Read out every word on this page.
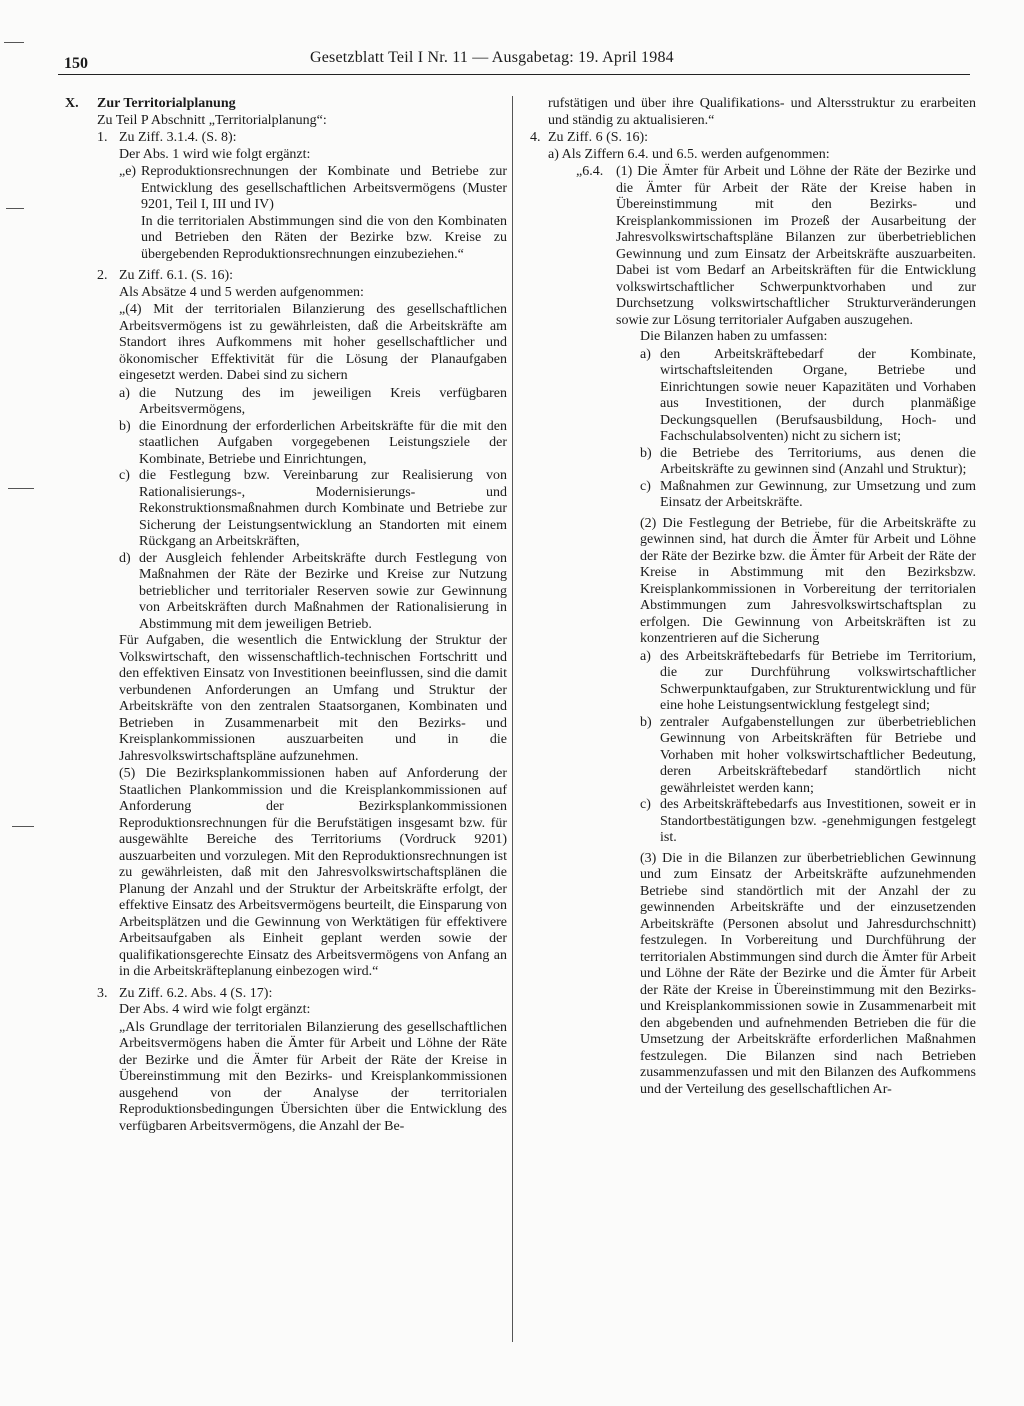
150	Gesetzblatt Teil I Nr. 11 — Ausgabetag: 19. April 1984
X.	Zur Territorialplanung

Zu Teil P Abschnitt „Territorialplanung“:

1. Zu Ziff. 3.1.4. (S. 8):

Der Abs. 1 wird wie folgt ergänzt:

„e) Reproduktionsrechnungen der Kombinate und Betriebe zur Entwicklung des gesellschaftlichen Arbeitsvermögens (Muster 9201, Teil I, III und IV)

In die territorialen Abstimmungen sind die von den Kombinaten und Betrieben den Räten der Bezirke bzw. Kreise zu übergebenden Reproduktionsrechnungen einzubeziehen.“

2. Zu Ziff. 6.1. (S. 16):

Als Absätze 4 und 5 werden aufgenommen:

„(4) Mit der territorialen Bilanzierung des gesellschaftlichen Arbeitsvermögens ist zu gewährleisten, daß die Arbeitskräfte am Standort ihres Aufkommens mit hoher gesellschaftlicher und ökonomischer Effektivität für die Lösung der Planaufgaben eingesetzt werden. Dabei sind zu sichern

a) die Nutzung des im jeweiligen Kreis verfügbaren Arbeitsvermögens,
b) die Einordnung der erforderlichen Arbeitskräfte für die mit den staatlichen Aufgaben vorgegebenen Leistungsziele der Kombinate, Betriebe und Einrichtungen,
c) die Festlegung bzw. Vereinbarung zur Realisierung von Rationalisierungs-, Modernisierungs- und Rekonstruktionsmaßnahmen durch Kombinate und Betriebe zur Sicherung der Leistungsentwicklung an Standorten mit einem Rückgang an Arbeitskräften,
d) der Ausgleich fehlender Arbeitskräfte durch Festlegung von Maßnahmen der Räte der Bezirke und Kreise zur Nutzung betrieblicher und territorialer Reserven sowie zur Gewinnung von Arbeitskräften durch Maßnahmen der Rationalisierung in Abstimmung mit dem jeweiligen Betrieb.

Für Aufgaben, die wesentlich die Entwicklung der Struktur der Volkswirtschaft, den wissenschaftlich-technischen Fortschritt und den effektiven Einsatz von Investitionen beeinflussen, sind die damit verbundenen Anforderungen an Umfang und Struktur der Arbeitskräfte von den zentralen Staatsorganen, Kombinaten und Betrieben in Zusammenarbeit mit den Bezirks- und Kreisplankommissionen auszuarbeiten und in die Jahresvolkswirtschaftspläne aufzunehmen.

(5) Die Bezirksplankommissionen haben auf Anforderung der Staatlichen Plankommission und die Kreisplankommissionen auf Anforderung der Bezirksplankommissionen Reproduktionsrechnungen für die Berufstätigen insgesamt bzw. für ausgewählte Bereiche des Territoriums (Vordruck 9201) auszuarbeiten und vorzulegen. Mit den Reproduktionsrechnungen ist zu gewährleisten, daß mit den Jahresvolkswirtschaftsplänen die Planung der Anzahl und der Struktur der Arbeitskräfte erfolgt, der effektive Einsatz des Arbeitsvermögens beurteilt, die Einsparung von Arbeitsplätzen und die Gewinnung von Werktätigen für effektivere Arbeitsaufgaben als Einheit geplant werden sowie der qualifikationsgerechte Einsatz des Arbeitsvermögens von Anfang an in die Arbeitskräfteplanung einbezogen wird.“

3. Zu Ziff. 6.2. Abs. 4 (S. 17):

Der Abs. 4 wird wie folgt ergänzt:

„Als Grundlage der territorialen Bilanzierung des gesellschaftlichen Arbeitsvermögens haben die Ämter für Arbeit und Löhne der Räte der Bezirke und die Ämter für Arbeit der Räte der Kreise in Übereinstimmung mit den Bezirks- und Kreisplankommissionen ausgehend von der Analyse der territorialen Reproduktionsbedingungen Übersichten über die Entwicklung des verfügbaren Arbeitsvermögens, die Anzahl der Be-

rufstätigen und über ihre Qualifikations- und Altersstruktur zu erarbeiten und ständig zu aktualisieren.“

4. Zu Ziff. 6 (S. 16):

a) Als Ziffern 6.4. und 6.5. werden aufgenommen:

„6.4. (1) Die Ämter für Arbeit und Löhne der Räte der Bezirke und die Ämter für Arbeit der Räte der Kreise haben in Übereinstimmung mit den Bezirks- und Kreisplankommissionen im Prozeß der Ausarbeitung der Jahresvolkswirtschaftspläne Bilanzen zur überbetrieblichen Gewinnung und zum Einsatz der Arbeitskräfte auszuarbeiten. Dabei ist vom Bedarf an Arbeitskräften für die Entwicklung volkswirtschaftlicher Schwerpunktvorhaben und zur Durchsetzung volkswirtschaftlicher Strukturveränderungen sowie zur Lösung territorialer Aufgaben auszugehen.

Die Bilanzen haben zu umfassen:

a) den Arbeitskräftebedarf der Kombinate, wirtschaftsleitenden Organe, Betriebe und Einrichtungen sowie neuer Kapazitäten und Vorhaben aus Investitionen, der durch planmäßige Deckungsquellen (Berufsausbildung, Hoch- und Fachschulabsolventen) nicht zu sichern ist;
b) die Betriebe des Territoriums, aus denen die Arbeitskräfte zu gewinnen sind (Anzahl und Struktur);
c) Maßnahmen zur Gewinnung, zur Umsetzung und zum Einsatz der Arbeitskräfte.

(2) Die Festlegung der Betriebe, für die Arbeitskräfte zu gewinnen sind, hat durch die Ämter für Arbeit und Löhne der Räte der Bezirke bzw. die Ämter für Arbeit der Räte der Kreise in Abstimmung mit den Bezirksbzw. Kreisplankommissionen in Vorbereitung der territorialen Abstimmungen zum Jahresvolkswirtschaftsplan zu erfolgen. Die Gewinnung von Arbeitskräften ist zu konzentrieren auf die Sicherung

a) des Arbeitskräftebedarfs für Betriebe im Territorium, die zur Durchführung volkswirtschaftlicher Schwerpunktaufgaben, zur Strukturentwicklung und für eine hohe Leistungsentwicklung festgelegt sind;
b) zentraler Aufgabenstellungen zur überbetrieblichen Gewinnung von Arbeitskräften für Betriebe und Vorhaben mit hoher volkswirtschaftlicher Bedeutung, deren Arbeitskräftebedarf standörtlich nicht gewährleistet werden kann;
c) des Arbeitskräftebedarfs aus Investitionen, soweit er in Standortbestätigungen bzw. -genehmigungen festgelegt ist.

(3) Die in die Bilanzen zur überbetrieblichen Gewinnung und zum Einsatz der Arbeitskräfte aufzunehmenden Betriebe sind standörtlich mit der Anzahl der zu gewinnenden Arbeitskräfte und der einzusetzenden Arbeitskräfte (Personen absolut und Jahresdurchschnitt) festzulegen. In Vorbereitung und Durchführung der territorialen Abstimmungen sind durch die Ämter für Arbeit und Löhne der Räte der Bezirke und die Ämter für Arbeit der Räte der Kreise in Übereinstimmung mit den Bezirks- und Kreisplankommissionen sowie in Zusammenarbeit mit den abgebenden und aufnehmenden Betrieben die für die Umsetzung der Arbeitskräfte erforderlichen Maßnahmen festzulegen. Die Bilanzen sind nach Betrieben zusammenzufassen und mit den Bilanzen des Aufkommens und der Verteilung des gesellschaftlichen Ar-
